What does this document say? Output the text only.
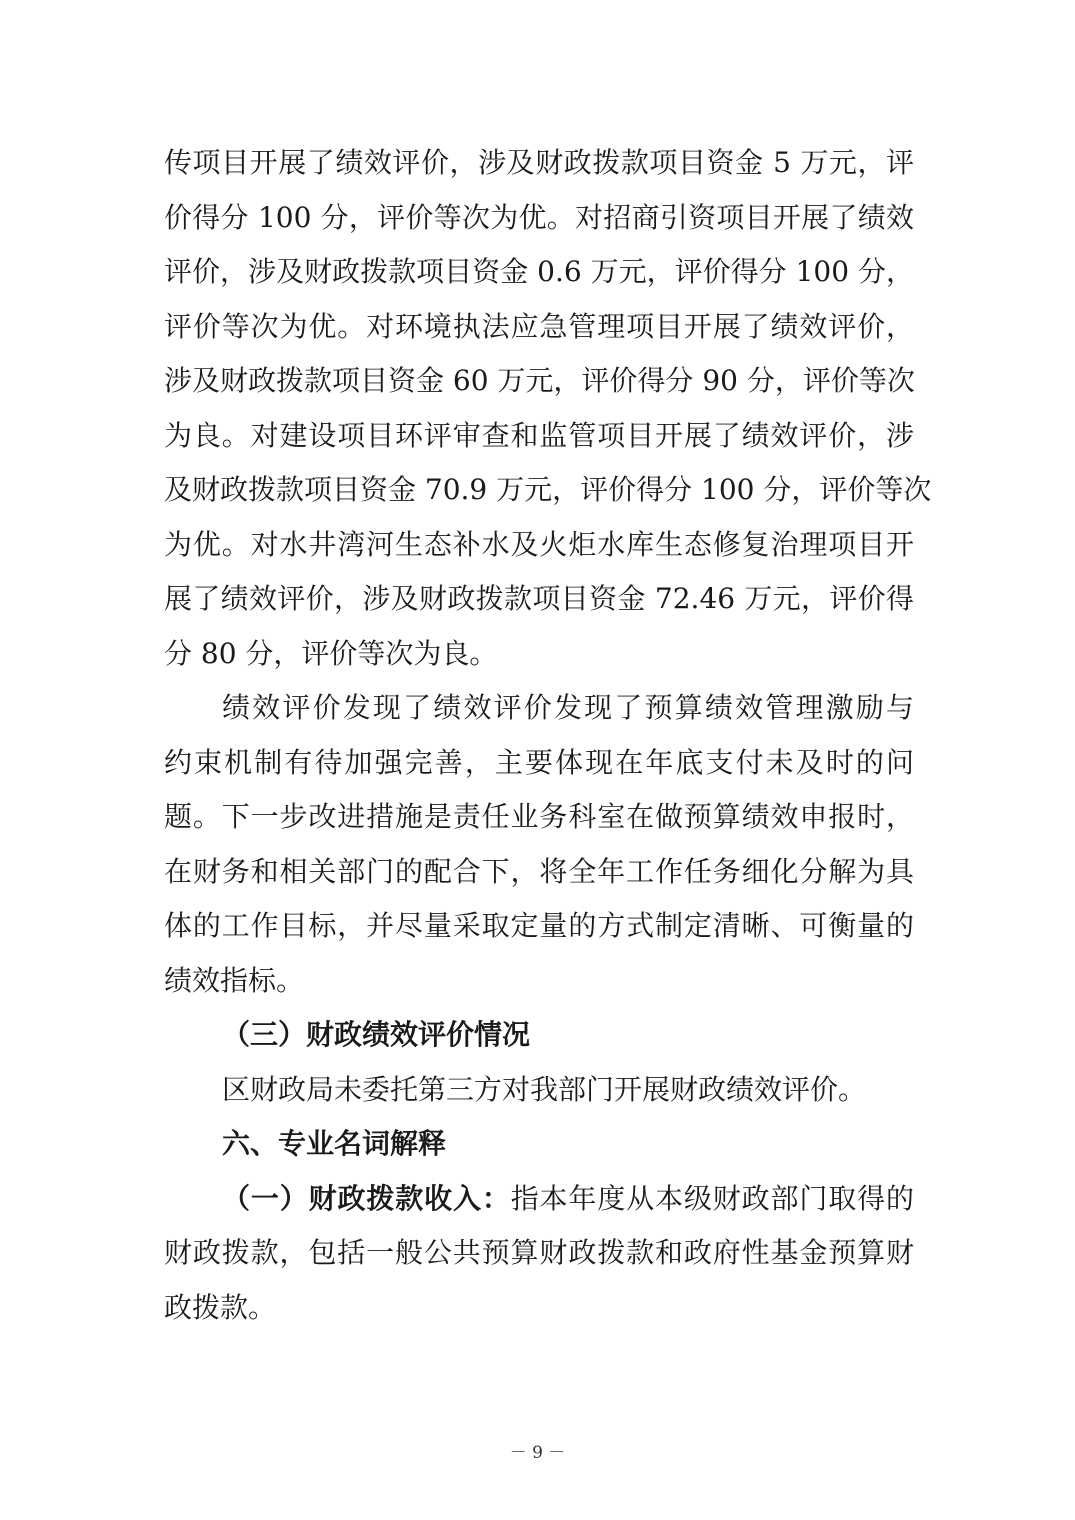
传项目开展了绩效评价，涉及财政拨款项目资金 5 万元，评
价得分 100 分，评价等次为优。对招商引资项目开展了绩效
评价，涉及财政拨款项目资金 0.6 万元，评价得分 100 分，
评价等次为优。对环境执法应急管理项目开展了绩效评价，
涉及财政拨款项目资金 60 万元，评价得分 90 分，评价等次
为良。对建设项目环评审查和监管项目开展了绩效评价，涉
及财政拨款项目资金 70.9 万元，评价得分 100 分，评价等次
为优。对水井湾河生态补水及火炬水库生态修复治理项目开
展了绩效评价，涉及财政拨款项目资金 72.46 万元，评价得
分 80 分，评价等次为良。
绩效评价发现了绩效评价发现了预算绩效管理激励与
约束机制有待加强完善，主要体现在年底支付未及时的问
题。下一步改进措施是责任业务科室在做预算绩效申报时，
在财务和相关部门的配合下，将全年工作任务细化分解为具
体的工作目标，并尽量采取定量的方式制定清晰、可衡量的
绩效指标。
（三）财政绩效评价情况
区财政局未委托第三方对我部门开展财政绩效评价。
六、专业名词解释
（一）财政拨款收入：指本年度从本级财政部门取得的
财政拨款，包括一般公共预算财政拨款和政府性基金预算财
政拨款。
－ 9 －
